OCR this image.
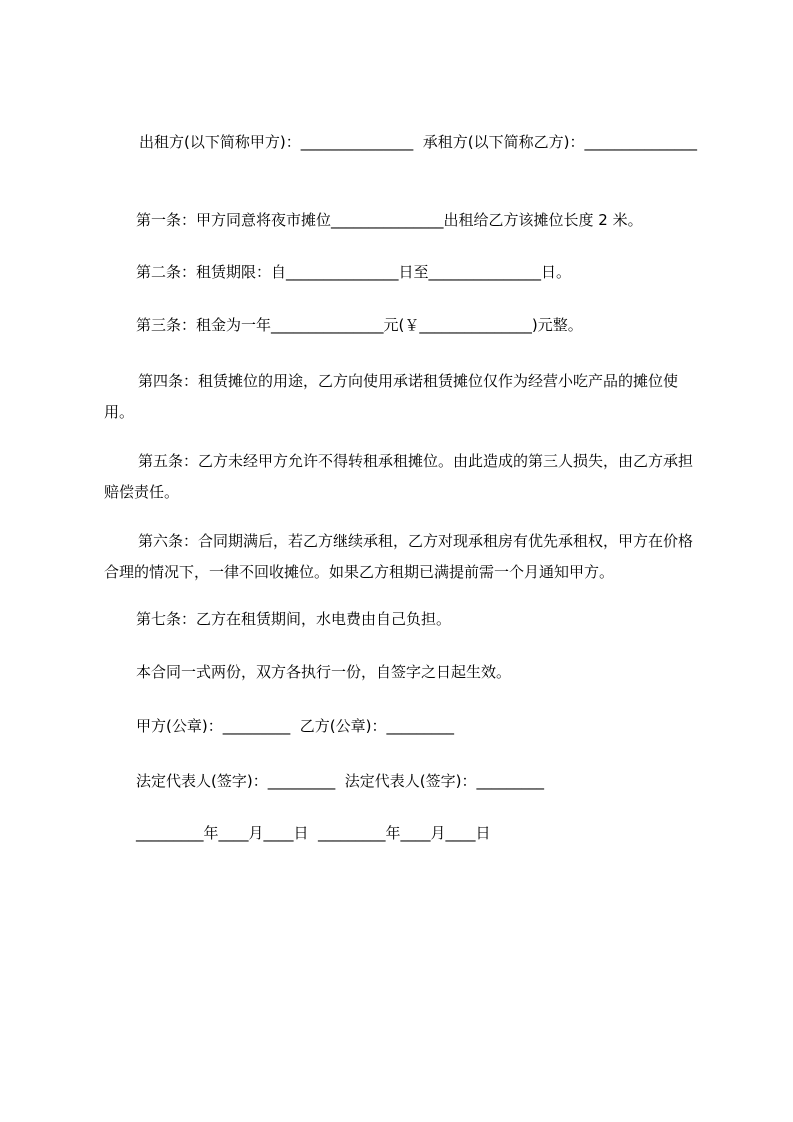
出租方(以下简称甲方)：_______________  承租方(以下简称乙方)：_______________

第一条：甲方同意将夜市摊位_______________出租给乙方该摊位长度 2 米。

第二条：租赁期限：自_______________日至_______________日。

第三条：租金为一年_______________元(￥_______________)元整。

第四条：租赁摊位的用途，乙方向使用承诺租赁摊位仅作为经营小吃产品的摊位使用。

第五条：乙方未经甲方允许不得转租承租摊位。由此造成的第三人损失，由乙方承担赔偿责任。

第六条：合同期满后，若乙方继续承租，乙方对现承租房有优先承租权，甲方在价格合理的情况下，一律不回收摊位。如果乙方租期已满提前需一个月通知甲方。

第七条：乙方在租赁期间，水电费由自己负担。

本合同一式两份，双方各执行一份，自签字之日起生效。

甲方(公章)：_________  乙方(公章)：_________

法定代表人(签字)：_________  法定代表人(签字)：_________

_________年____月____日  _________年____月____日
